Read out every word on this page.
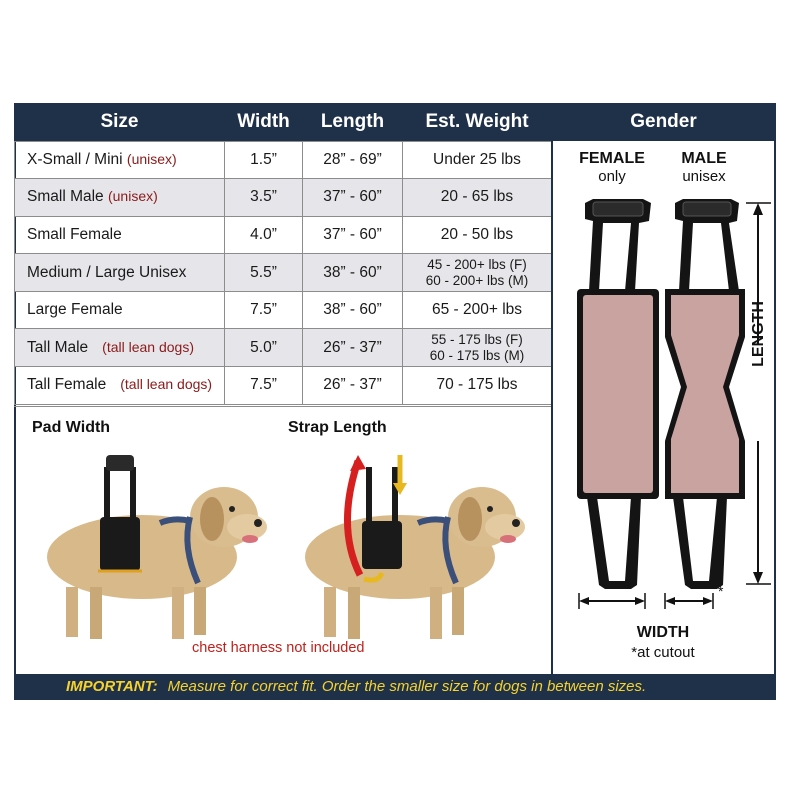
Size	Width	Length	Est. Weight
X-Small / Mini (unisex)	1.5”	28” - 69”	Under 25 lbs
Small Male (unisex)	3.5”	37” - 60”	20 - 65 lbs
Small Female	4.0”	37” - 60”	20 - 50 lbs
Medium / Large Unisex	5.5”	38” - 60”	45 - 200+ lbs (F)
60 - 200+ lbs (M)

Large Female	7.5”	38” - 60”	65 - 200+ lbs
Tall Male (tall lean dogs)	5.0”	26” - 37”	55 - 175 lbs (F)
60 - 175 lbs (M)

Tall Female (tall lean dogs)	7.5”	26” - 37”	70 - 175 lbs
Gender
FEMALE
only
MALE
unisex
LENGTH
*
WIDTH
*at cutout
Pad Width	Strap Length
chest harness not included
IMPORTANT: Measure for correct fit. Order the smaller size for dogs in between sizes.
